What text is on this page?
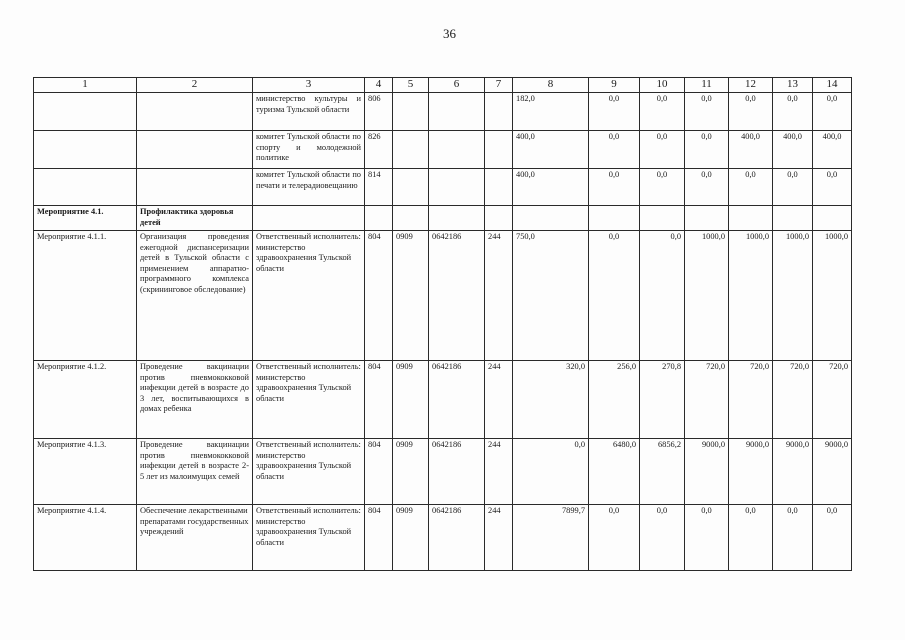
36
1	2	3	4	5	6	7	8	9	10	11	12	13	14
		министерство культуры и туризма Тульской области	806				182,0	0,0	0,0	0,0	0,0	0,0	0,0
		комитет Тульской области по спорту и молодежной политике	826				400,0	0,0	0,0	0,0	400,0	400,0	400,0
		комитет Тульской области по печати и телерадиовещанию	814				400,0	0,0	0,0	0,0	0,0	0,0	0,0
Мероприятие 4.1.	Профилактика здоровья детей												
Мероприятие 4.1.1.	Организация проведения ежегодной диспансеризации детей в Тульской области с применением аппаратно-программного комплекса (скрининговое обследование)	Ответственный исполнитель: министерство здравоохранения Тульской области	804	0909	0642186	244	750,0	0,0	0,0	1000,0	1000,0	1000,0	1000,0
Мероприятие 4.1.2.	Проведение вакцинации против пневмококковой инфекции детей в возрасте до 3 лет, воспитывающихся в домах ребенка	Ответственный исполнитель: министерство здравоохранения Тульской области	804	0909	0642186	244	320,0	256,0	270,8	720,0	720,0	720,0	720,0
Мероприятие 4.1.3.	Проведение вакцинации против пневмококковой инфекции детей в возрасте 2-5 лет из малоимущих семей	Ответственный исполнитель: министерство здравоохранения Тульской области	804	0909	0642186	244	0,0	6480,0	6856,2	9000,0	9000,0	9000,0	9000,0
Мероприятие 4.1.4.	Обеспечение лекарственными препаратами государственных учреждений	Ответственный исполнитель: министерство здравоохранения Тульской области	804	0909	0642186	244	7899,7	0,0	0,0	0,0	0,0	0,0	0,0
